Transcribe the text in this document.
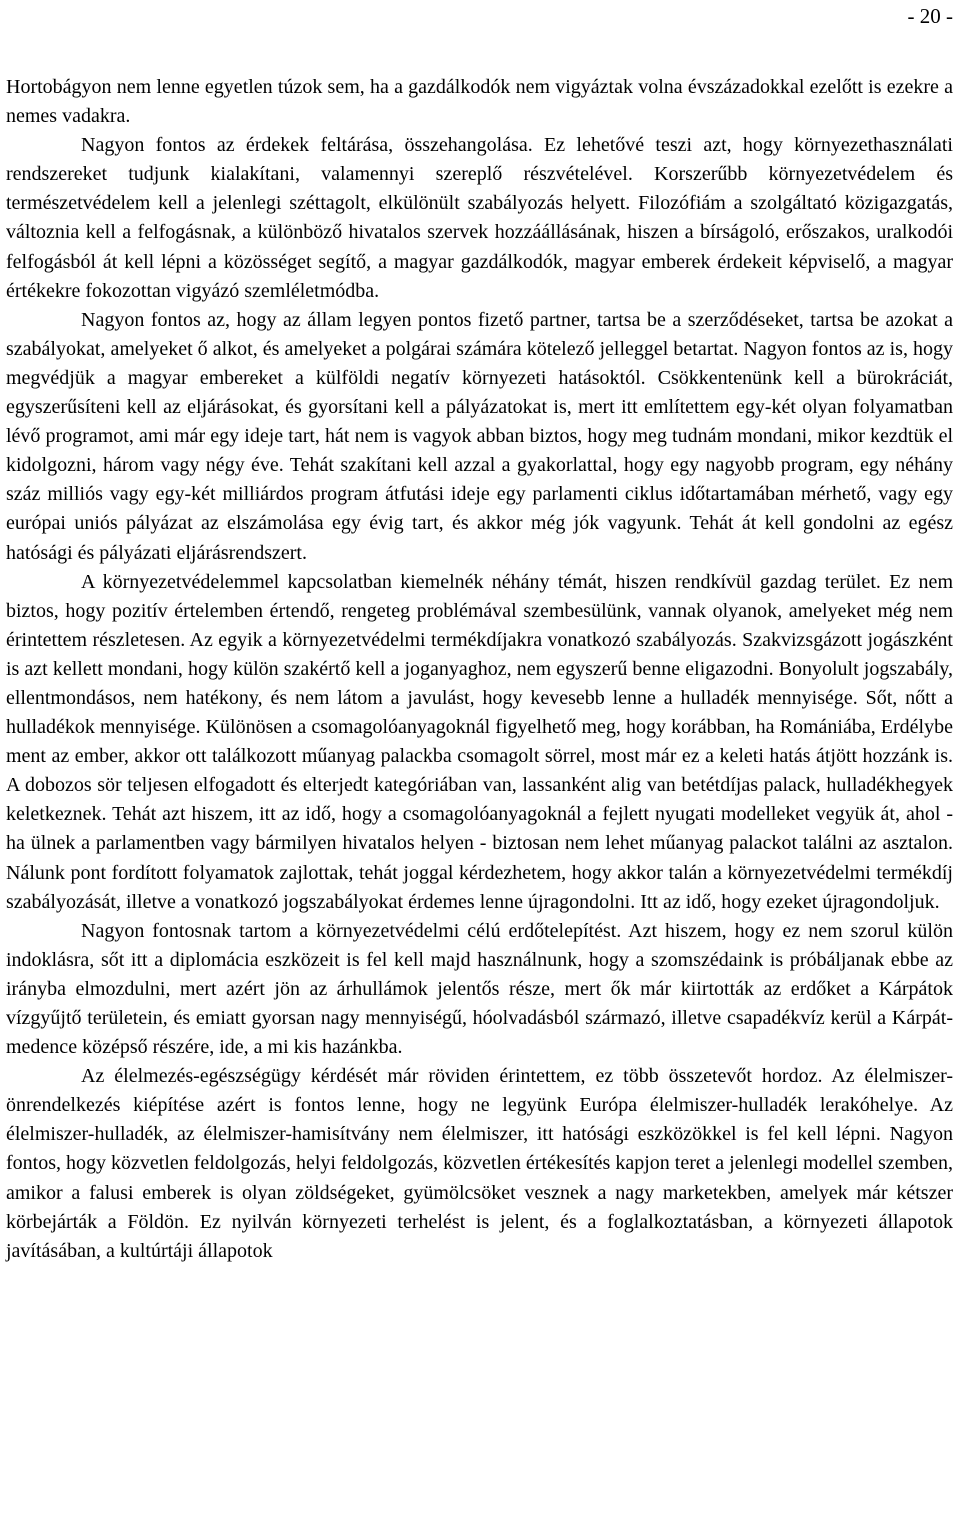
- 20 -

Hortobágyon nem lenne egyetlen túzok sem, ha a gazdálkodók nem vigyáztak volna évszázadokkal ezelőtt is ezekre a nemes vadakra.

Nagyon fontos az érdekek feltárása, összehangolása. Ez lehetővé teszi azt, hogy környezethasználati rendszereket tudjunk kialakítani, valamennyi szereplő részvételével. Korszerűbb környezetvédelem és természetvédelem kell a jelenlegi széttagolt, elkülönült szabályozás helyett. Filozófiám a szolgáltató közigazgatás, változnia kell a felfogásnak, a különböző hivatalos szervek hozzáállásának, hiszen a bírságoló, erőszakos, uralkodói felfogásból át kell lépni a közösséget segítő, a magyar gazdálkodók, magyar emberek érdekeit képviselő, a magyar értékekre fokozottan vigyázó szemléletmódba.

Nagyon fontos az, hogy az állam legyen pontos fizető partner, tartsa be a szerződéseket, tartsa be azokat a szabályokat, amelyeket ő alkot, és amelyeket a polgárai számára kötelező jelleggel betartat. Nagyon fontos az is, hogy megvédjük a magyar embereket a külföldi negatív környezeti hatásoktól. Csökkentenünk kell a bürokráciát, egyszerűsíteni kell az eljárásokat, és gyorsítani kell a pályázatokat is, mert itt említettem egy-két olyan folyamatban lévő programot, ami már egy ideje tart, hát nem is vagyok abban biztos, hogy meg tudnám mondani, mikor kezdtük el kidolgozni, három vagy négy éve. Tehát szakítani kell azzal a gyakorlattal, hogy egy nagyobb program, egy néhány száz milliós vagy egy-két milliárdos program átfutási ideje egy parlamenti ciklus időtartamában mérhető, vagy egy európai uniós pályázat az elszámolása egy évig tart, és akkor még jók vagyunk. Tehát át kell gondolni az egész hatósági és pályázati eljárásrendszert.

A környezetvédelemmel kapcsolatban kiemelnék néhány témát, hiszen rendkívül gazdag terület. Ez nem biztos, hogy pozitív értelemben értendő, rengeteg problémával szembesülünk, vannak olyanok, amelyeket még nem érintettem részletesen. Az egyik a környezetvédelmi termékdíjakra vonatkozó szabályozás. Szakvizsgázott jogászként is azt kellett mondani, hogy külön szakértő kell a joganyaghoz, nem egyszerű benne eligazodni. Bonyolult jogszabály, ellentmondásos, nem hatékony, és nem látom a javulást, hogy kevesebb lenne a hulladék mennyisége. Sőt, nőtt a hulladékok mennyisége. Különösen a csomagolóanyagoknál figyelhető meg, hogy korábban, ha Romániába, Erdélybe ment az ember, akkor ott találkozott műanyag palackba csomagolt sörrel, most már ez a keleti hatás átjött hozzánk is. A dobozos sör teljesen elfogadott és elterjedt kategóriában van, lassanként alig van betétdíjas palack, hulladékhegyek keletkeznek. Tehát azt hiszem, itt az idő, hogy a csomagolóanyagoknál a fejlett nyugati modelleket vegyük át, ahol - ha ülnek a parlamentben vagy bármilyen hivatalos helyen - biztosan nem lehet műanyag palackot találni az asztalon. Nálunk pont fordított folyamatok zajlottak, tehát joggal kérdezhetem, hogy akkor talán a környezetvédelmi termékdíj szabályozását, illetve a vonatkozó jogszabályokat érdemes lenne újragondolni. Itt az idő, hogy ezeket újragondoljuk.

Nagyon fontosnak tartom a környezetvédelmi célú erdőtelepítést. Azt hiszem, hogy ez nem szorul külön indoklásra, sőt itt a diplomácia eszközeit is fel kell majd használnunk, hogy a szomszédaink is próbáljanak ebbe az irányba elmozdulni, mert azért jön az árhullámok jelentős része, mert ők már kiirtották az erdőket a Kárpátok vízgyűjtő területein, és emiatt gyorsan nagy mennyiségű, hóolvadásból származó, illetve csapadékvíz kerül a Kárpát-medence középső részére, ide, a mi kis hazánkba.

Az élelmezés-egészségügy kérdését már röviden érintettem, ez több összetevőt hordoz. Az élelmiszer-önrendelkezés kiépítése azért is fontos lenne, hogy ne legyünk Európa élelmiszer-hulladék lerakóhelye. Az élelmiszer-hulladék, az élelmiszer-hamisítvány nem élelmiszer, itt hatósági eszközökkel is fel kell lépni. Nagyon fontos, hogy közvetlen feldolgozás, helyi feldolgozás, közvetlen értékesítés kapjon teret a jelenlegi modellel szemben, amikor a falusi emberek is olyan zöldségeket, gyümölcsöket vesznek a nagy marketekben, amelyek már kétszer körbejárták a Földön. Ez nyilván környezeti terhelést is jelent, és a foglalkoztatásban, a környezeti állapotok javításában, a kultúrtáji állapotok
